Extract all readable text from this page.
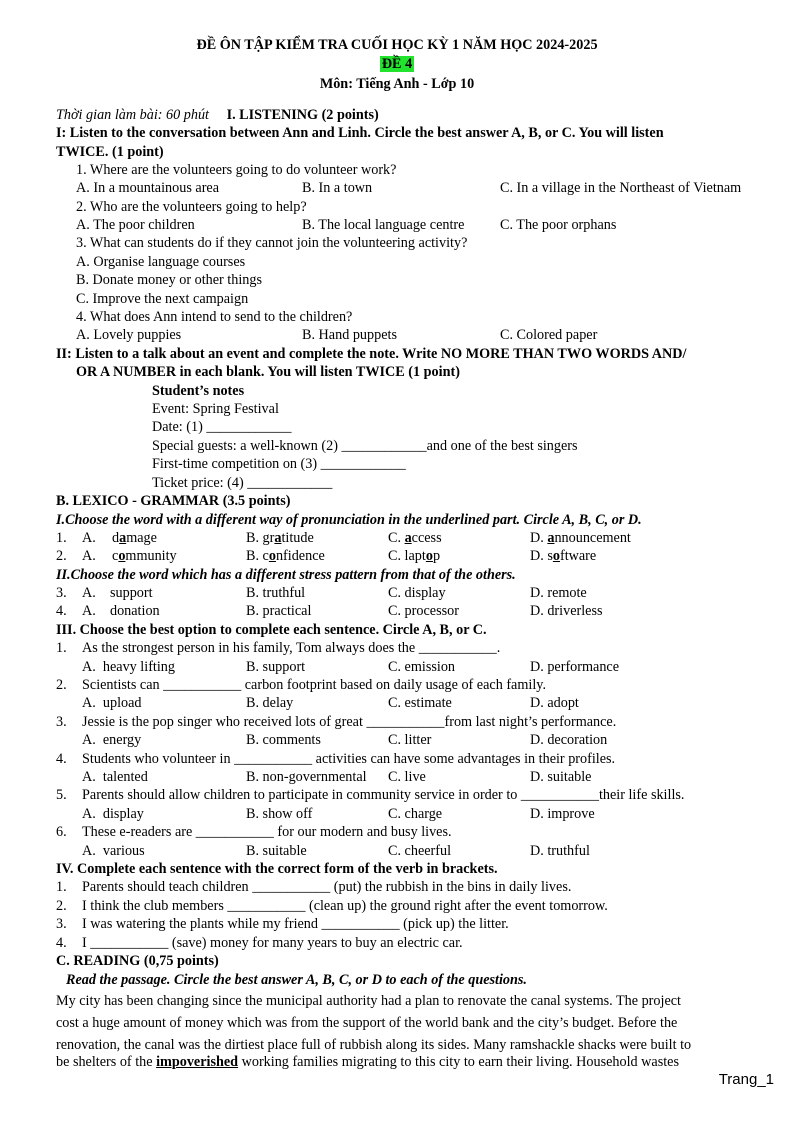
ĐỀ ÔN TẬP KIỂM TRA CUỐI HỌC KỲ 1 NĂM HỌC 2024-2025
ĐỀ 4
Môn: Tiếng Anh - Lớp 10
Thời gian làm bài: 60 phút I. LISTENING (2 points)
I: Listen to the conversation between Ann and Linh. Circle the best answer A, B, or C. You will listen
TWICE. (1 point)
1. Where are the volunteers going to do volunteer work?
A. In a mountainous area	B. In a town	C. In a village in the Northeast of Vietnam
2. Who are the volunteers going to help?
A. The poor children	B. The local language centre	C. The poor orphans
3. What can students do if they cannot join the volunteering activity?
A. Organise language courses
B. Donate money or other things
C. Improve the next campaign
4. What does Ann intend to send to the children?
A. Lovely puppies	B. Hand puppets	C. Colored paper
II: Listen to a talk about an event and complete the note. Write NO MORE THAN TWO WORDS AND/
OR A NUMBER in each blank. You will listen TWICE (1 point)
Student’s notes
Event: Spring Festival
Date: (1) ____________
Special guests: a well-known (2) ____________and one of the best singers
First-time competition on (3) ____________
Ticket price: (4) ____________
B. LEXICO - GRAMMAR (3.5 points)
I.Choose the word with a different way of pronunciation in the underlined part. Circle A, B, C, or D.
1. A. damage	B. gratitude	C. access	D. announcement
2. A. community	B. confidence	C. laptop	D. software
II.Choose the word which has a different stress pattern from that of the others.
3. A.    support	B. truthful	C. display	D. remote
4. A.    donation	B. practical	C. processor	D. driverless
III. Choose the best option to complete each sentence. Circle A, B, or C.
1. As the strongest person in his family, Tom always does the ___________.
A.  heavy lifting	B. support	C. emission	D. performance
2. Scientists can ___________ carbon footprint based on daily usage of each family.
A.  upload	B. delay	C. estimate	D. adopt
3. Jessie is the pop singer who received lots of great ___________from last night’s performance.
A.  energy	B. comments	C. litter	D. decoration
4. Students who volunteer in ___________ activities can have some advantages in their profiles.
A.  talented	B. non-governmental C. live	D. suitable
5. Parents should allow children to participate in community service in order to ___________their life skills.
A.  display	B. show off	C. charge	D. improve
6. These e-readers are ___________ for our modern and busy lives.
A.  various	B. suitable	C. cheerful	D. truthful
IV. Complete each sentence with the correct form of the verb in brackets.
1. Parents should teach children ___________ (put) the rubbish in the bins in daily lives.
2. I think the club members ___________ (clean up) the ground right after the event tomorrow.
3. I was watering the plants while my friend ___________ (pick up) the litter.
4. I ___________ (save) money for many years to buy an electric car.
C. READING (0,75 points)
Read the passage. Circle the best answer A, B, C, or D to each of the questions.
My city has been changing since the municipal authority had a plan to renovate the canal systems. The project
cost a huge amount of money which was from the support of the world bank and the city’s budget. Before the
renovation, the canal was the dirtiest place full of rubbish along its sides. Many ramshackle shacks were built to
be shelters of the impoverished working families migrating to this city to earn their living. Household wastes
Trang_1
